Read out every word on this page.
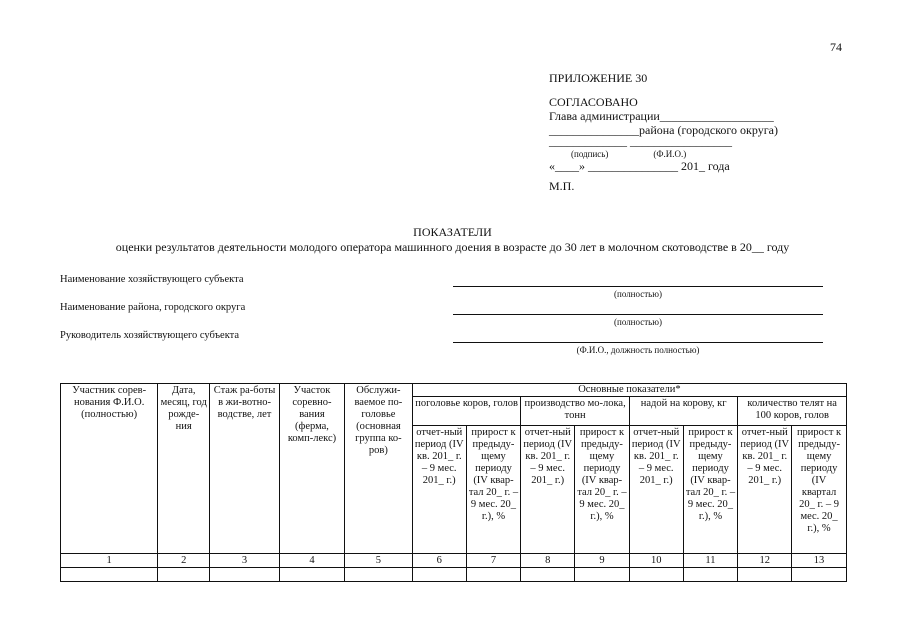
74
ПРИЛОЖЕНИЕ 30
СОГЛАСОВАНО
Глава администрации___________________
_______________района (городского округа)
_____________ _________________
(подпись)                    (Ф.И.О.)
«____» _______________ 201_ года
М.П.
ПОКАЗАТЕЛИ
оценки результатов деятельности молодого оператора машинного доения в возрасте до 30 лет в молочном скотоводстве в 20__ году
Наименование хозяйствующего субъекта
(полностью)
Наименование района, городского округа
(полностью)
Руководитель хозяйствующего субъекта
(Ф.И.О., должность полностью)
Участник сорев-нования Ф.И.О. (полностью)	Дата, месяц, год рожде-ния	Стаж ра-боты в жи-вотно-водстве, лет	Участок соревно-вания (ферма, комп-лекс)	Обслужи-ваемое по-головье (основная группа ко-ров)	Основные показатели*							
					поголовье коров, голов		производство мо-лока, тонн		надой на корову, кг		количество телят на 100 коров, голов	
					отчет-ный период (IV кв. 201_ г. – 9 мес. 201_ г.)	прирост к предыду-щему периоду (IV квар-тал 20_ г. – 9 мес. 20_ г.), %	отчет-ный период (IV кв. 201_ г. – 9 мес. 201_ г.)	прирост к предыду-щему периоду (IV квар-тал 20_ г. – 9 мес. 20_ г.), %	отчет-ный период (IV кв. 201_ г. – 9 мес. 201_ г.)	прирост к предыду-щему периоду (IV квар-тал 20_ г. – 9 мес. 20_ г.), %	отчет-ный период (IV кв. 201_ г. – 9 мес. 201_ г.)	прирост к предыду-щему периоду (IV квартал 20_ г. – 9 мес. 20_ г.), %
1	2	3	4	5	6	7	8	9	10	11	12	13
